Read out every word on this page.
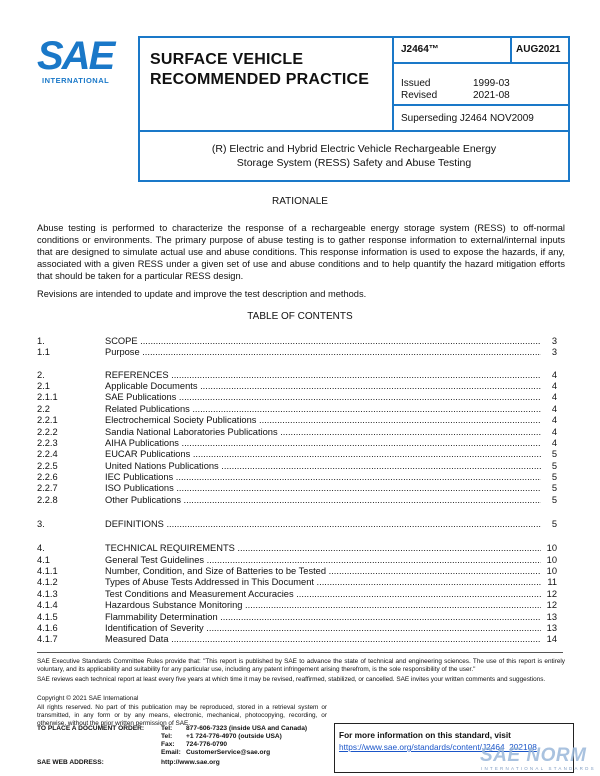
SAE
INTERNATIONAL
SURFACE VEHICLE
RECOMMENDED PRACTICE
J2464™	AUG2021
Issued	1999-03
Revised	2021-08
Superseding J2464 NOV2009
(R) Electric and Hybrid Electric Vehicle Rechargeable Energy
Storage System (RESS) Safety and Abuse Testing
RATIONALE
Abuse testing is performed to characterize the response of a rechargeable energy storage system (RESS) to off-normal conditions or environments. The primary purpose of abuse testing is to gather response information to external/internal inputs that are designed to simulate actual use and abuse conditions. This response information is used to expose the hazards, if any, associated with a given RESS under a given set of use and abuse conditions and to help quantify the hazard mitigation efforts that should be taken for a particular RESS design.
Revisions are intended to update and improve the test description and methods.
TABLE OF CONTENTS
1.	SCOPE .....	3
1.1	Purpose .....	3
2.	REFERENCES .....	4
2.1	Applicable Documents .....	4
2.1.1	SAE Publications .....	4
2.2	Related Publications .....	4
2.2.1	Electrochemical Society Publications .....	4
2.2.2	Sandia National Laboratories Publications .....	4
2.2.3	AIHA Publications .....	4
2.2.4	EUCAR Publications .....	5
2.2.5	United Nations Publications .....	5
2.2.6	IEC Publications .....	5
2.2.7	ISO Publications .....	5
2.2.8	Other Publications .....	5
3.	DEFINITIONS .....	5
4.	TECHNICAL REQUIREMENTS .....	10
4.1	General Test Guidelines .....	10
4.1.1	Number, Condition, and Size of Batteries to be Tested .....	10
4.1.2	Types of Abuse Tests Addressed in This Document .....	11
4.1.3	Test Conditions and Measurement Accuracies .....	12
4.1.4	Hazardous Substance Monitoring .....	12
4.1.5	Flammability Determination .....	13
4.1.6	Identification of Severity .....	13
4.1.7	Measured Data .....	14
SAE Executive Standards Committee Rules provide that: "This report is published by SAE to advance the state of technical and engineering sciences. The use of this report is entirely voluntary, and its applicability and suitability for any particular use, including any patent infringement arising therefrom, is the sole responsibility of the user."
SAE reviews each technical report at least every five years at which time it may be revised, reaffirmed, stabilized, or cancelled. SAE invites your written comments and suggestions.
Copyright © 2021 SAE International
All rights reserved. No part of this publication may be reproduced, stored in a retrieval system or transmitted, in any form or by any means, electronic, mechanical, photocopying, recording, or otherwise, without the prior written permission of SAE.
TO PLACE A DOCUMENT ORDER:	Tel: 877-606-7323 (inside USA and Canada)
Tel: +1 724-776-4970 (outside USA)
Fax: 724-776-0790
Email: CustomerService@sae.org
SAE WEB ADDRESS:	http://www.sae.org
For more information on this standard, visit
https://www.sae.org/standards/content/J2464_202108
SAE NORM
INTERNATIONAL STANDARDS
